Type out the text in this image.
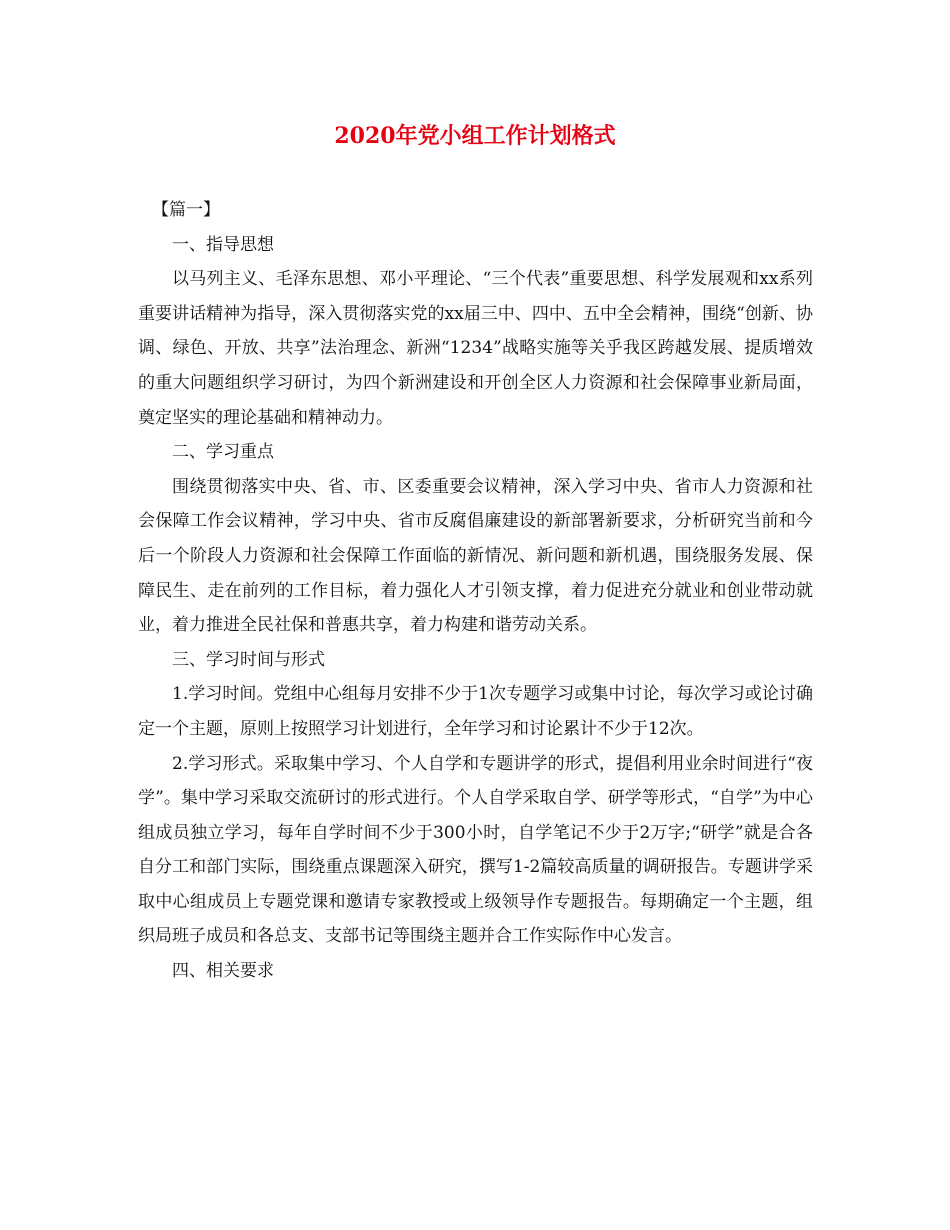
2020年党小组工作计划格式

【篇一】

一、指导思想

以马列主义、毛泽东思想、邓小平理论、“三个代表”重要思想、科学发展观和xx系列重要讲话精神为指导，深入贯彻落实党的xx届三中、四中、五中全会精神，围绕“创新、协调、绿色、开放、共享”法治理念、新洲“1234”战略实施等关乎我区跨越发展、提质增效的重大问题组织学习研讨，为四个新洲建设和开创全区人力资源和社会保障事业新局面，奠定坚实的理论基础和精神动力。

二、学习重点

围绕贯彻落实中央、省、市、区委重要会议精神，深入学习中央、省市人力资源和社会保障工作会议精神，学习中央、省市反腐倡廉建设的新部署新要求，分析研究当前和今后一个阶段人力资源和社会保障工作面临的新情况、新问题和新机遇，围绕服务发展、保障民生、走在前列的工作目标，着力强化人才引领支撑，着力促进充分就业和创业带动就业，着力推进全民社保和普惠共享，着力构建和谐劳动关系。

三、学习时间与形式

1.学习时间。党组中心组每月安排不少于1次专题学习或集中讨论，每次学习或论讨确定一个主题，原则上按照学习计划进行，全年学习和讨论累计不少于12次。

2.学习形式。采取集中学习、个人自学和专题讲学的形式，提倡利用业余时间进行“夜学”。集中学习采取交流研讨的形式进行。个人自学采取自学、研学等形式，“自学”为中心组成员独立学习，每年自学时间不少于300小时，自学笔记不少于2万字;“研学”就是合各自分工和部门实际，围绕重点课题深入研究，撰写1-2篇较高质量的调研报告。专题讲学采取中心组成员上专题党课和邀请专家教授或上级领导作专题报告。每期确定一个主题，组织局班子成员和各总支、支部书记等围绕主题并合工作实际作中心发言。

四、相关要求
